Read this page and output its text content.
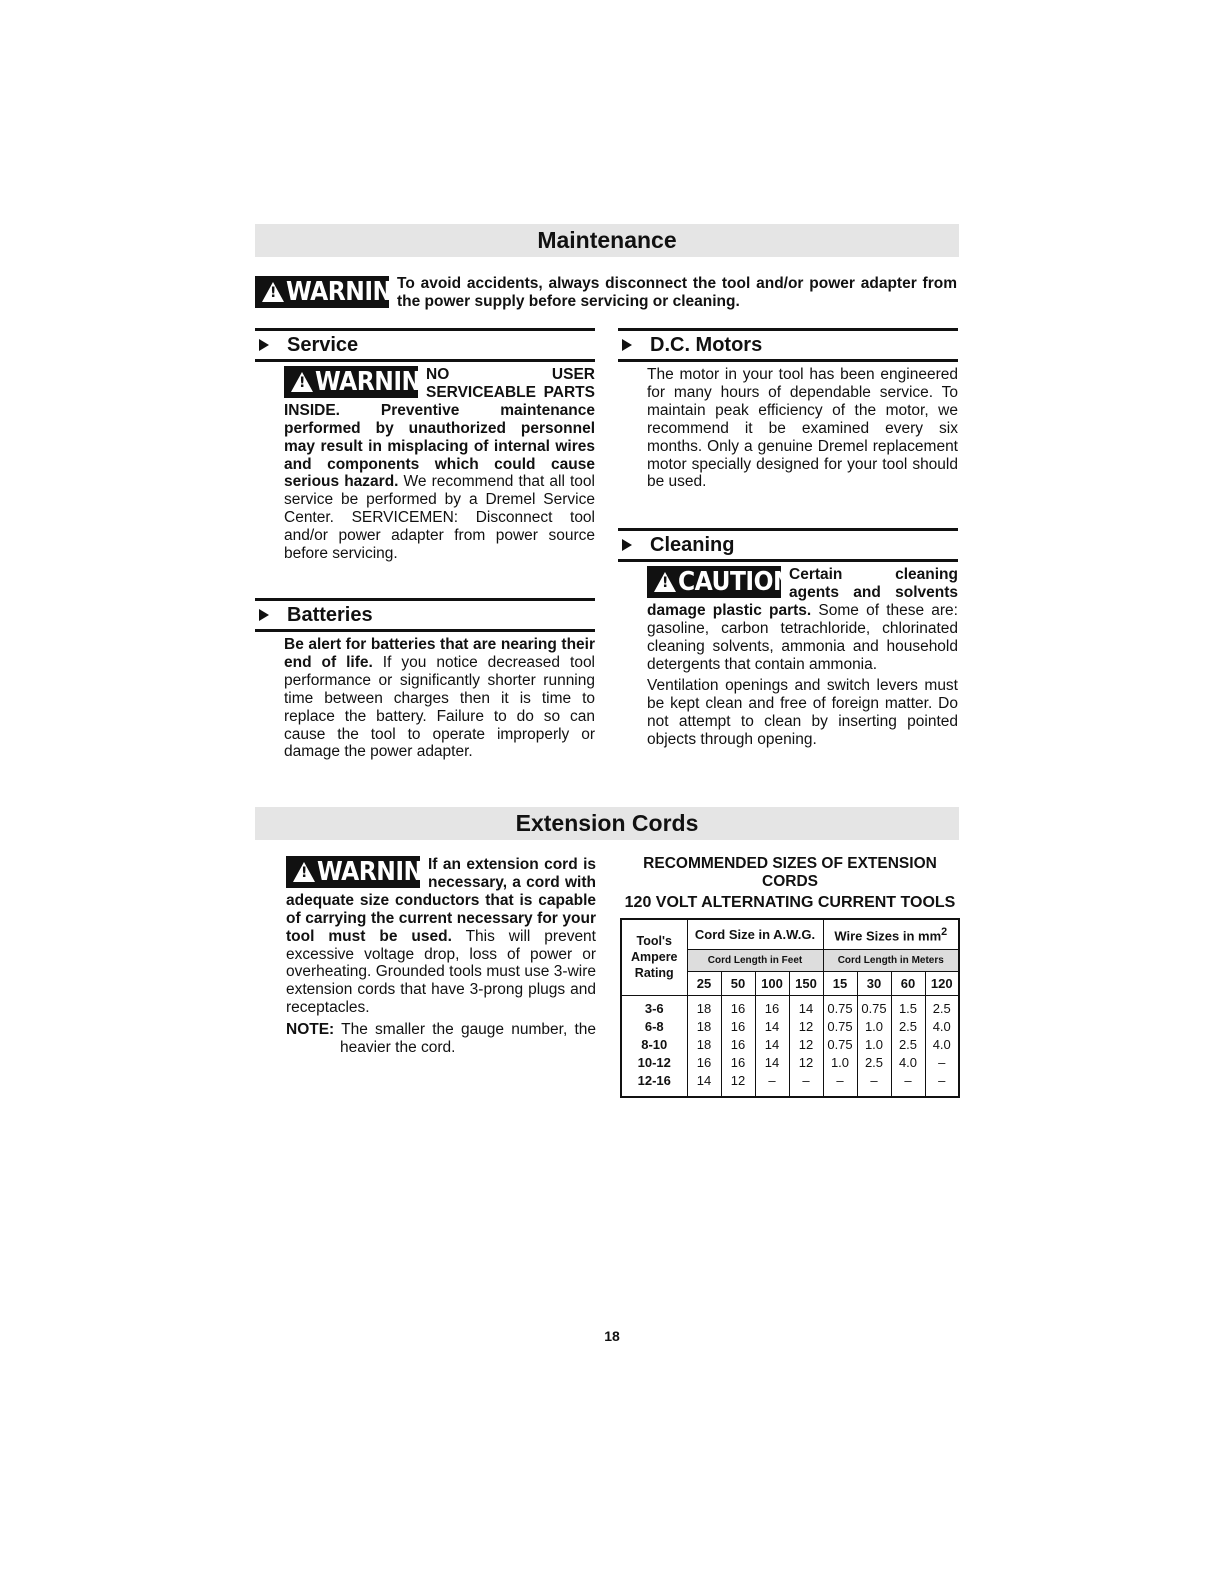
Maintenance
!
WARNING
To avoid accidents, always disconnect the tool and/or power adapter from the power supply before servicing or cleaning.
Service
!
WARNING
NO USER SERVICEABLE PARTS INSIDE. Preventive maintenance performed by unauthorized personnel may result in misplacing of internal wires and components which could cause serious hazard. We recommend that all tool service be performed by a Dremel Service Center. SERVICEMEN: Disconnect tool and/or power adapter from power source before servicing.
Batteries
Be alert for batteries that are nearing their end of life. If you notice decreased tool performance or significantly shorter running time between charges then it is time to replace the battery. Failure to do so can cause the tool to operate improperly or damage the power adapter.
D.C. Motors
The motor in your tool has been engineered for many hours of dependable service. To maintain peak efficiency of the motor, we recommend it be examined every six months. Only a genuine Dremel replacement motor specially designed for your tool should be used.
Cleaning
!
CAUTION
Certain cleaning agents and solvents damage plastic parts. Some of these are: gasoline, carbon tetrachloride, chlorinated cleaning solvents, ammonia and household detergents that contain ammonia.
Ventilation openings and switch levers must be kept clean and free of foreign matter. Do not attempt to clean by inserting pointed objects through opening.
Extension Cords
!
WARNING
If an extension cord is necessary, a cord with adequate size conductors that is capable of carrying the current necessary for your tool must be used. This will prevent excessive voltage drop, loss of power or overheating. Grounded tools must use 3-wire extension cords that have 3-prong plugs and receptacles.
NOTE: The smaller the gauge number, the heavier the cord.
RECOMMENDED SIZES OF EXTENSION CORDS
120 VOLT ALTERNATING CURRENT TOOLS
Tool's Ampere Rating	Cord Size in A.W.G.				Wire Sizes in $mm^2$
	Cord Length in Feet				Cord Length in Meters			
	25	50	100	150	15	30	60	120
3-6	18	16	16	14	0.75	0.75	1.5	2.5
6-8	18	16	14	12	0.75	1.0	2.5	4.0
8-10	18	16	14	12	0.75	1.0	2.5	4.0
10-12	16	16	14	12	1.0	2.5	4.0	–
12-16	14	12	–	–	–	–	–	–
18
